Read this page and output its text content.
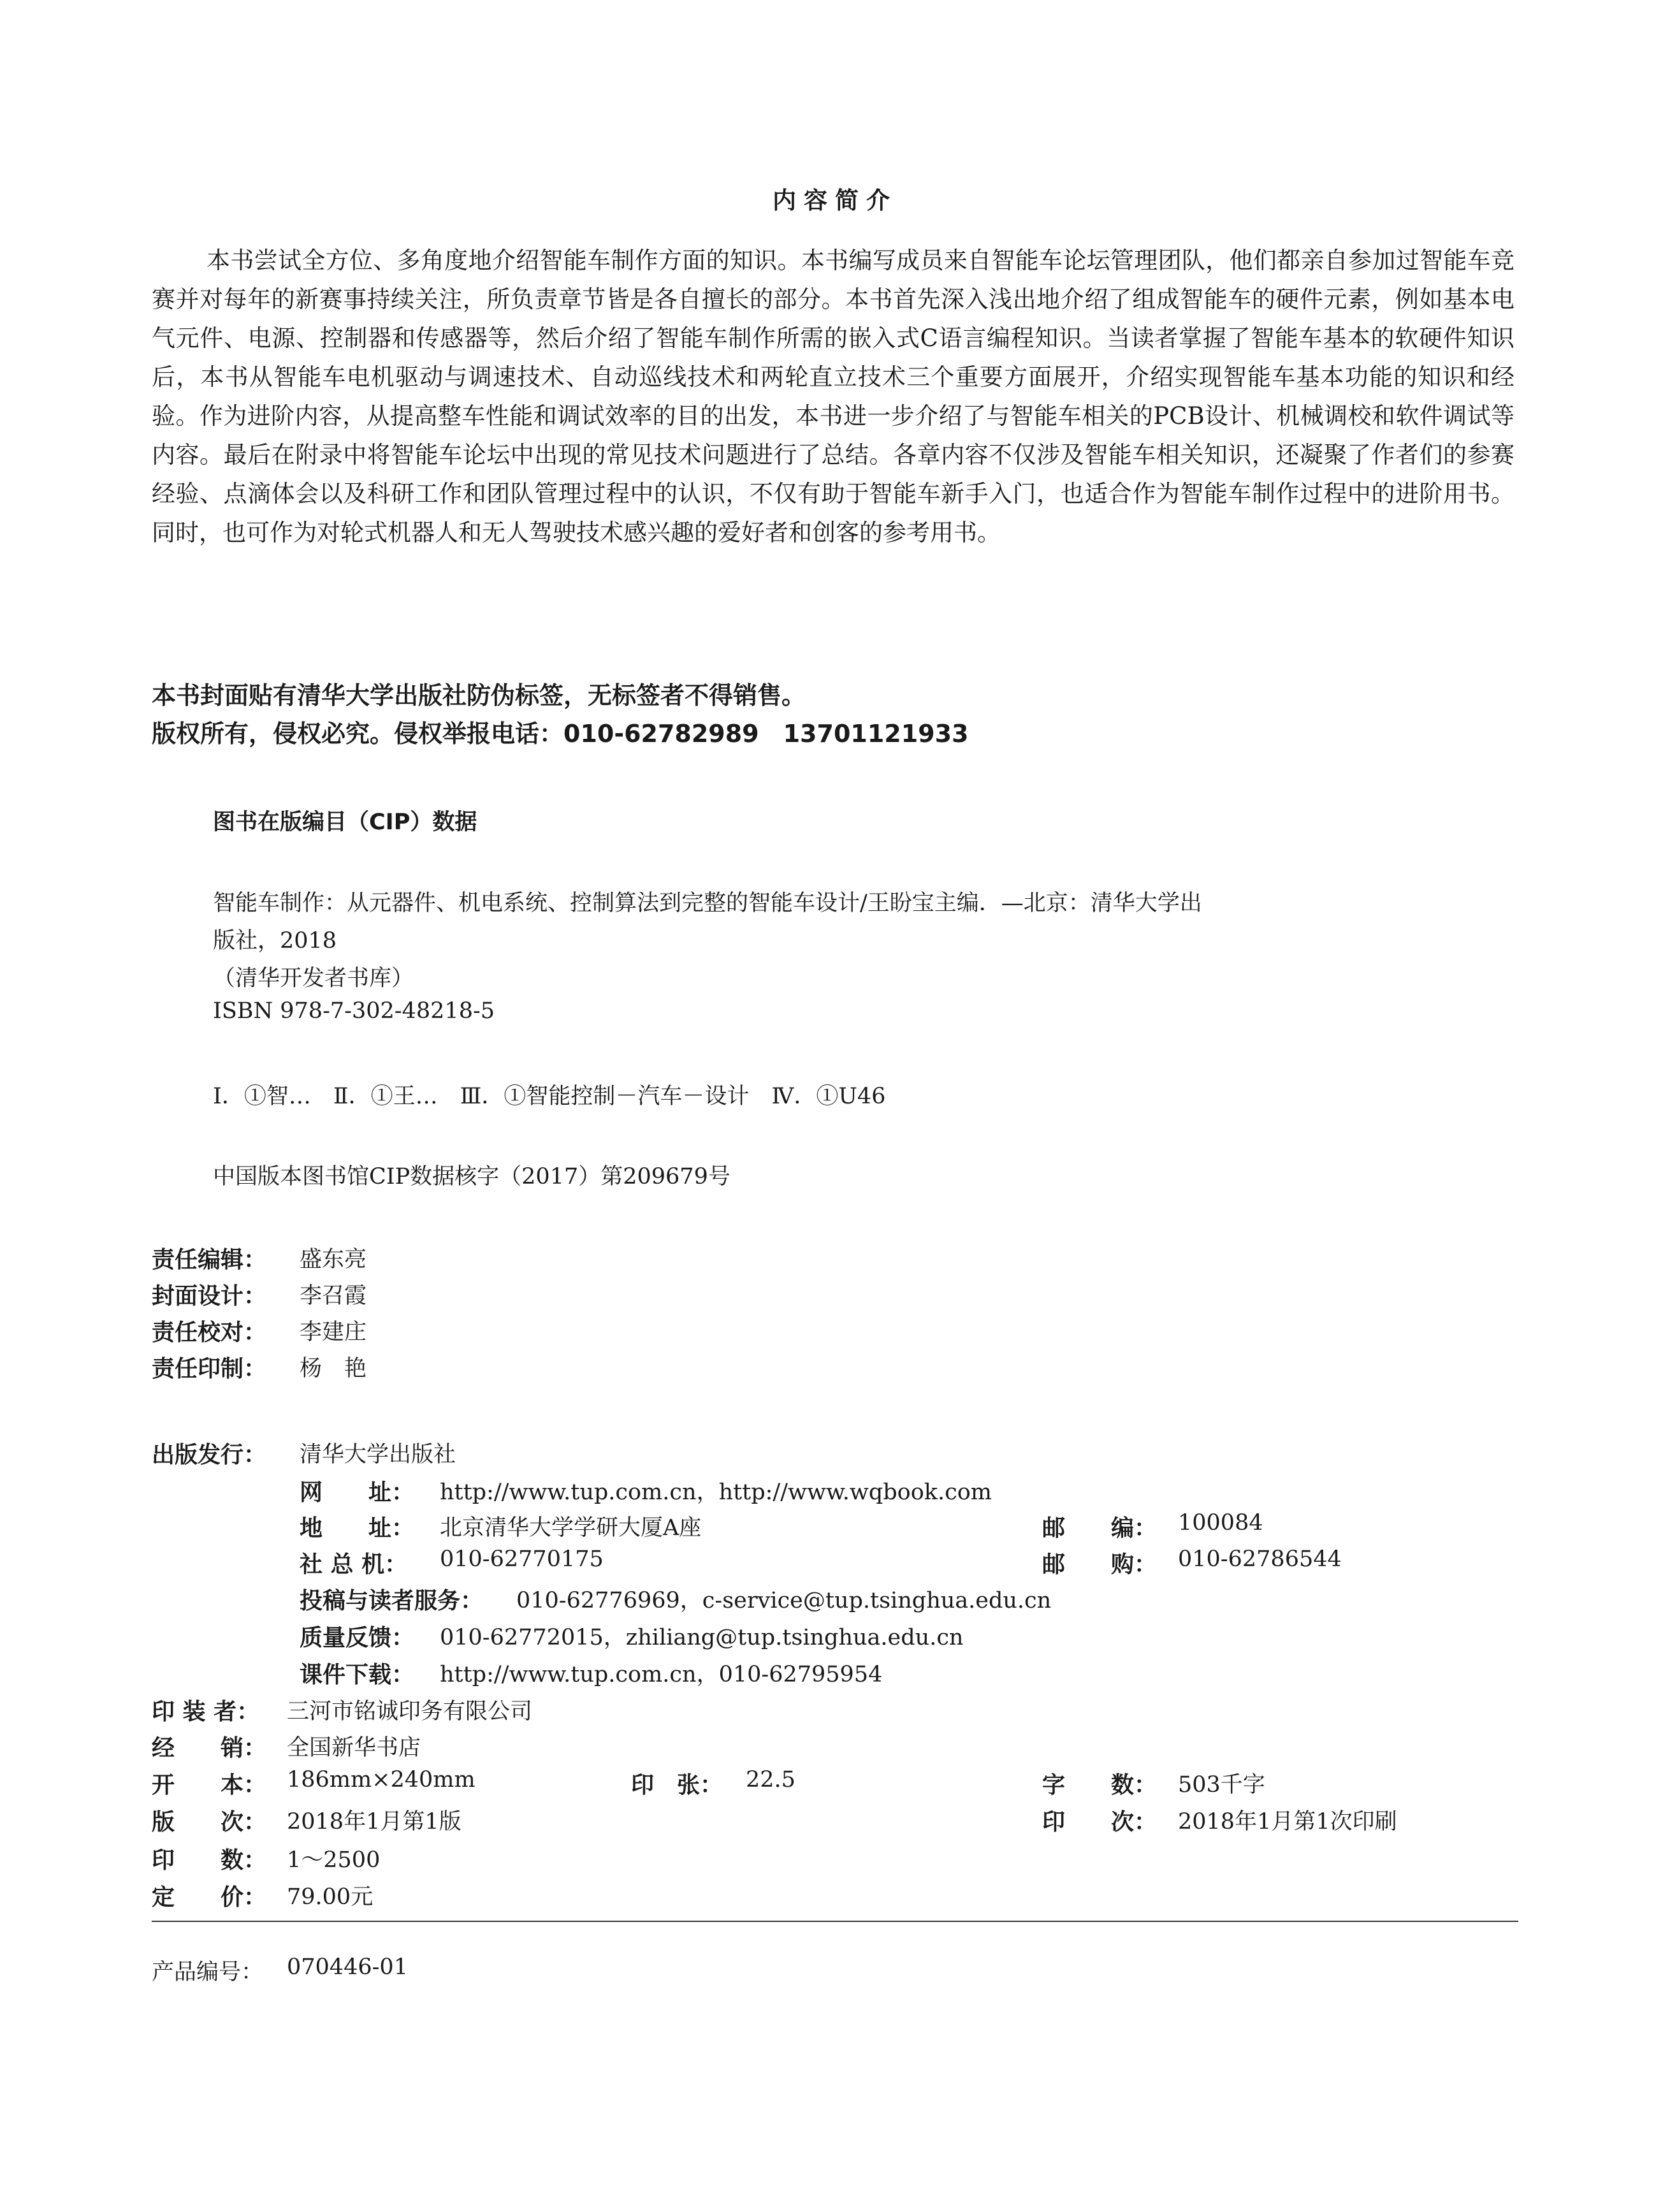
内容简介

本书尝试全方位、多角度地介绍智能车制作方面的知识。本书编写成员来自智能车论坛管理团队，他们都亲自参加过智能车竞赛并对每年的新赛事持续关注，所负责章节皆是各自擅长的部分。本书首先深入浅出地介绍了组成智能车的硬件元素，例如基本电气元件、电源、控制器和传感器等，然后介绍了智能车制作所需的嵌入式C语言编程知识。当读者掌握了智能车基本的软硬件知识后，本书从智能车电机驱动与调速技术、自动巡线技术和两轮直立技术三个重要方面展开，介绍实现智能车基本功能的知识和经验。作为进阶内容，从提高整车性能和调试效率的目的出发，本书进一步介绍了与智能车相关的PCB设计、机械调校和软件调试等内容。最后在附录中将智能车论坛中出现的常见技术问题进行了总结。各章内容不仅涉及智能车相关知识，还凝聚了作者们的参赛经验、点滴体会以及科研工作和团队管理过程中的认识，不仅有助于智能车新手入门，也适合作为智能车制作过程中的进阶用书。同时，也可作为对轮式机器人和无人驾驶技术感兴趣的爱好者和创客的参考用书。

本书封面贴有清华大学出版社防伪标签，无标签者不得销售。
版权所有，侵权必究。侵权举报电话：010-62782989　13701121933
图书在版编目（CIP）数据
智能车制作：从元器件、机电系统、控制算法到完整的智能车设计/王盼宝主编．—北京：清华大学出
版社，2018
（清华开发者书库）
ISBN 978-7-302-48218-5
Ⅰ．①智…　Ⅱ．①王…　Ⅲ．①智能控制－汽车－设计　Ⅳ．①U46
中国版本图书馆CIP数据核字（2017）第209679号
责任编辑： 盛东亮
封面设计： 李召霞
责任校对： 李建庄
责任印制： 杨　艳
出版发行： 清华大学出版社
网　　址： http://www.tup.com.cn，http://www.wqbook.com
地　　址： 北京清华大学学研大厦A座	邮　　编： 100084
社 总 机： 010-62770175	邮　　购： 010-62786544
投稿与读者服务： 010-62776969，c-service@tup.tsinghua.edu.cn
质量反馈： 010-62772015，zhiliang@tup.tsinghua.edu.cn
课件下载： http://www.tup.com.cn，010-62795954
印 装 者： 三河市铭诚印务有限公司
经　　销： 全国新华书店
开　　本： 186mm×240mm	印　张： 22.5	字　　数： 503千字
版　　次： 2018年1月第1版	印　　次： 2018年1月第1次印刷
印　　数： 1～2500
定　　价： 79.00元
产品编号： 070446-01
